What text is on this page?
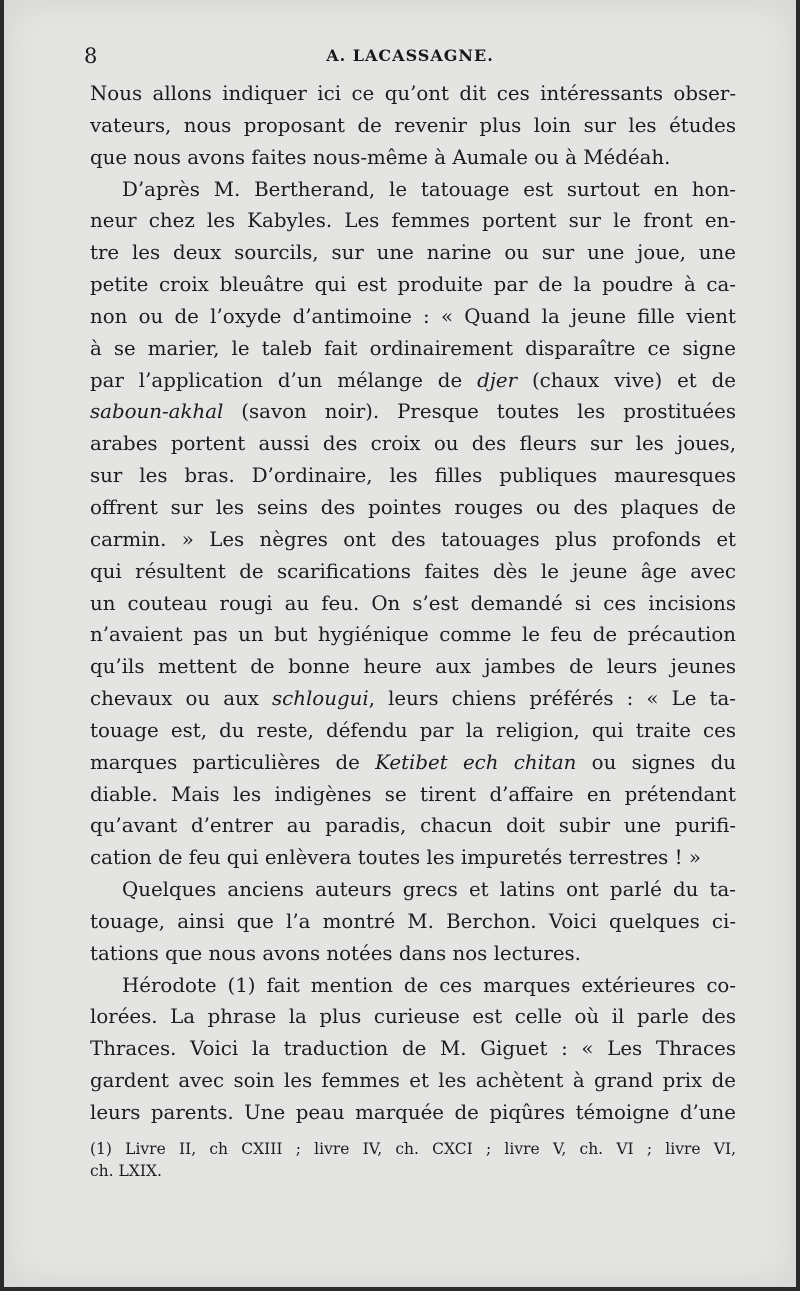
8	A. LACASSAGNE.
Nous allons indiquer ici ce qu’ont dit ces intéressants obser-
vateurs, nous proposant de revenir plus loin sur les études
que nous avons faites nous-même à Aumale ou à Médéah.
D’après M. Bertherand, le tatouage est surtout en hon-
neur chez les Kabyles. Les femmes portent sur le front en-
tre les deux sourcils, sur une narine ou sur une joue, une
petite croix bleuâtre qui est produite par de la poudre à ca-
non ou de l’oxyde d’antimoine : « Quand la jeune fille vient
à se marier, le taleb fait ordinairement disparaître ce signe
par l’application d’un mélange de djer (chaux vive) et de
saboun-akhal (savon noir). Presque toutes les prostituées
arabes portent aussi des croix ou des fleurs sur les joues,
sur les bras. D’ordinaire, les filles publiques mauresques
offrent sur les seins des pointes rouges ou des plaques de
carmin. » Les nègres ont des tatouages plus profonds et
qui résultent de scarifications faites dès le jeune âge avec
un couteau rougi au feu. On s’est demandé si ces incisions
n’avaient pas un but hygiénique comme le feu de précaution
qu’ils mettent de bonne heure aux jambes de leurs jeunes
chevaux ou aux schlougui, leurs chiens préférés : « Le ta-
touage est, du reste, défendu par la religion, qui traite ces
marques particulières de Ketibet ech chitan ou signes du
diable. Mais les indigènes se tirent d’affaire en prétendant
qu’avant d’entrer au paradis, chacun doit subir une purifi-
cation de feu qui enlèvera toutes les impuretés terrestres ! »
Quelques anciens auteurs grecs et latins ont parlé du ta-
touage, ainsi que l’a montré M. Berchon. Voici quelques ci-
tations que nous avons notées dans nos lectures.
Hérodote (1) fait mention de ces marques extérieures co-
lorées. La phrase la plus curieuse est celle où il parle des
Thraces. Voici la traduction de M. Giguet : « Les Thraces
gardent avec soin les femmes et les achètent à grand prix de
leurs parents. Une peau marquée de piqûres témoigne d’une
(1) Livre II, ch CXIII ; livre IV, ch. CXCI ; livre V, ch. VI ; livre VI,
ch. LXIX.
